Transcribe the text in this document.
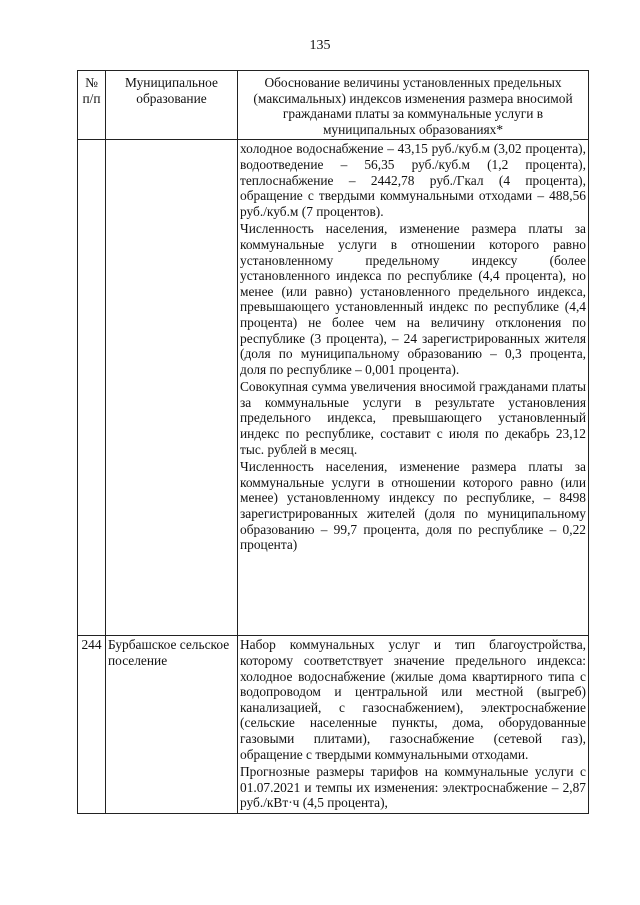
135
№ п/п	Муниципальное образование	Обоснование величины установленных предельных (максимальных) индексов изменения размера вносимой гражданами платы за коммунальные услуги в муниципальных образованиях*

		холодное водоснабжение – 43,15 руб./куб.м (3,02 процента), водоотведение – 56,35 руб./куб.м (1,2 процента), теплоснабжение – 2442,78 руб./Гкал (4 процента), обращение с твердыми коммунальными отходами – 488,56 руб./куб.м (7 процентов).

Численность населения, изменение размера платы за коммунальные услуги в отношении которого равно установленному предельному индексу (более установленного индекса по республике (4,4 процента), но менее (или равно) установленного предельного индекса, превышающего установленный индекс по республике (4,4 процента) не более чем на величину отклонения по республике (3 процента), – 24 зарегистрированных жителя (доля по муниципальному образованию – 0,3 процента, доля по республике – 0,001 процента).

Совокупная сумма увеличения вносимой гражданами платы за коммунальные услуги в результате установления предельного индекса, превышающего установленный индекс по республике, составит с июля по декабрь 23,12 тыс. рублей в месяц.

Численность населения, изменение размера платы за коммунальные услуги в отношении которого равно (или менее) установленному индексу по республике, – 8498 зарегистрированных жителей (доля по муниципальному образованию – 99,7 процента, доля по республике – 0,22 процента)

244	Бурбашское сельское поселение	Набор коммунальных услуг и тип благоустройства, которому соответствует значение предельного индекса: холодное водоснабжение (жилые дома квартирного типа с водопроводом и центральной или местной (выгреб) канализацией, с газоснабжением), электроснабжение (сельские населенные пункты, дома, оборудованные газовыми плитами), газоснабжение (сетевой газ), обращение с твердыми коммунальными отходами.

Прогнозные размеры тарифов на коммунальные услуги с 01.07.2021 и темпы их изменения: электроснабжение – 2,87 руб./кВт·ч (4,5 процента),
